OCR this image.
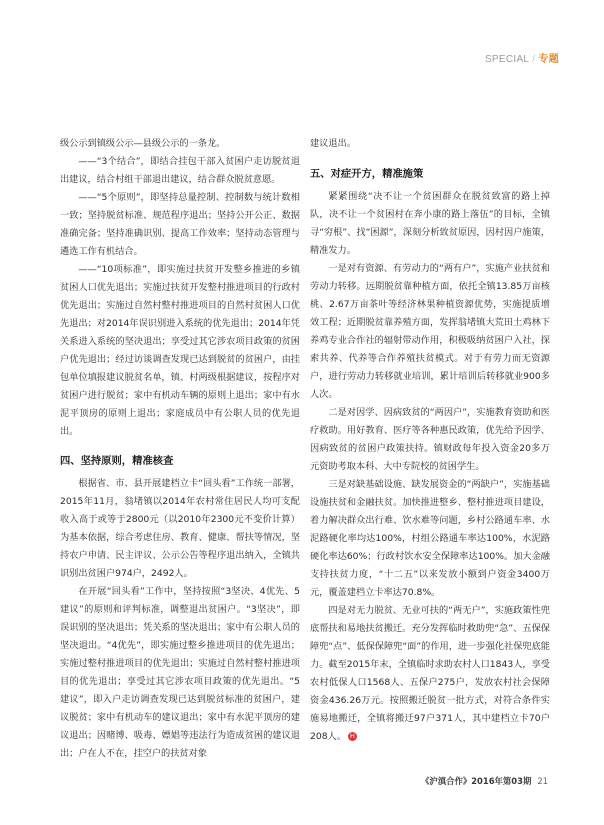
SPECIAL / 专题

级公示到镇级公示—县级公示的一条龙。

——“3个结合”，即结合挂包干部入贫困户走访脱贫退出建议，结合村组干部退出建议，结合群众脱贫意愿。

——“5个原则”，即坚持总量控制、控制数与统计数相一致；坚持脱贫标准、规范程序退出；坚持公开公正、数据准确完备；坚持准确识别、提高工作效率；坚持动态管理与遴选工作有机结合。

——“10项标准”，即实施过扶贫开发整乡推进的乡镇贫困人口优先退出；实施过扶贫开发整村推进项目的行政村优先退出；实施过自然村整村推进项目的自然村贫困人口优先退出；对2014年误识别进入系统的优先退出；2014年凭关系进入系统的坚决退出；享受过其它涉农项目政策的贫困户优先退出；经过访谈调查发现已达到脱贫的贫困户，由挂包单位填报建议脱贫名单，镇、村两级根据建议，按程序对贫困户进行脱贫；家中有机动车辆的原则上退出；家中有水泥平顶房的原则上退出；家庭成员中有公职人员的优先退出。

四、坚持原则，精准核查

根据省、市、县开展建档立卡“回头看”工作统一部署，2015年11月，翁堵镇以2014年农村常住居民人均可支配收入高于或等于2800元（以2010年2300元不变价计算）为基本依据，综合考虑住房、教育、健康、帮扶等情况，坚持农户申请、民主评议、公示公告等程序退出纳入，全镇共识别出贫困户974户，2492人。

在开展“回头看”工作中，坚持按照“3坚决、4优先、5建议”的原则和评判标准，调整退出贫困户。“3坚决”，即误识别的坚决退出；凭关系的坚决退出；家中有公职人员的坚决退出。“4优先”，即实施过整乡推进项目的优先退出；实施过整村推进项目的优先退出；实施过自然村整村推进项目的优先退出；享受过其它涉农项目政策的优先退出。“5建议”，即入户走访调查发现已达到脱贫标准的贫困户，建议脱贫；家中有机动车的建议退出；家中有水泥平顶房的建议退出；因赌博、吸毒、嫖娼等违法行为造成贫困的建议退出；户在人不在，挂空户的扶贫对象

建议退出。

五、对症开方，精准施策

紧紧围绕“决不让一个贫困群众在脱贫致富的路上掉队，决不让一个贫困村在奔小康的路上落伍”的目标，全镇寻“穷根”、找“困源”，深刻分析致贫原因，因村因户施策，精准发力。

一是对有资源、有劳动力的“两有户”，实施产业扶贫和劳动力转移。远期脱贫靠种植方面，依托全镇13.85万亩核桃、2.67万亩茶叶等经济林果种植资源优势，实施提质增效工程；近期脱贫靠养殖方面，发挥翁堵镇大荒田土鸡林下养鸡专业合作社的辐射带动作用，积极吸纳贫困户入社，探索共养、代养等合作养殖扶贫模式。对于有劳力而无资源户，进行劳动力转移就业培训，累计培训后转移就业900多人次。

二是对因学、因病致贫的“两因户”，实施教育资助和医疗救助。用好教育、医疗等各种惠民政策，优先给予因学、因病致贫的贫困户政策扶持。镇财政每年投入资金20多万元资助考取本科、大中专院校的贫困学生。

三是对缺基础设施、缺发展资金的“两缺户”，实施基础设施扶贫和金融扶贫。加快推进整乡、整村推进项目建设，着力解决群众出行难、饮水难等问题，乡村公路通车率、水泥路硬化率均达100%，村组公路通车率达100%，水泥路硬化率达60%；行政村饮水安全保障率达100%。加大金融支持扶贫力度，“十二五”以来发放小额到户资金3400万元，覆盖建档立卡率达70.8%。

四是对无力脱贫、无业可扶的“两无户”，实施政策性兜底帮扶和易地扶贫搬迁。充分发挥临时救助兜“急”、五保保障兜“点”、低保保障兜“面”的作用，进一步强化社保兜底能力。截至2015年末，全镇临时求助农村人口1843人，享受农村低保人口1568人、五保户275户，发放农村社会保障资金436.26万元。按照搬迁脱贫一批方式，对符合条件实施易地搬迁，全镇将搬迁97户371人，其中建档立卡70户208人。 H

《沪滇合作》2016年第03期 21
